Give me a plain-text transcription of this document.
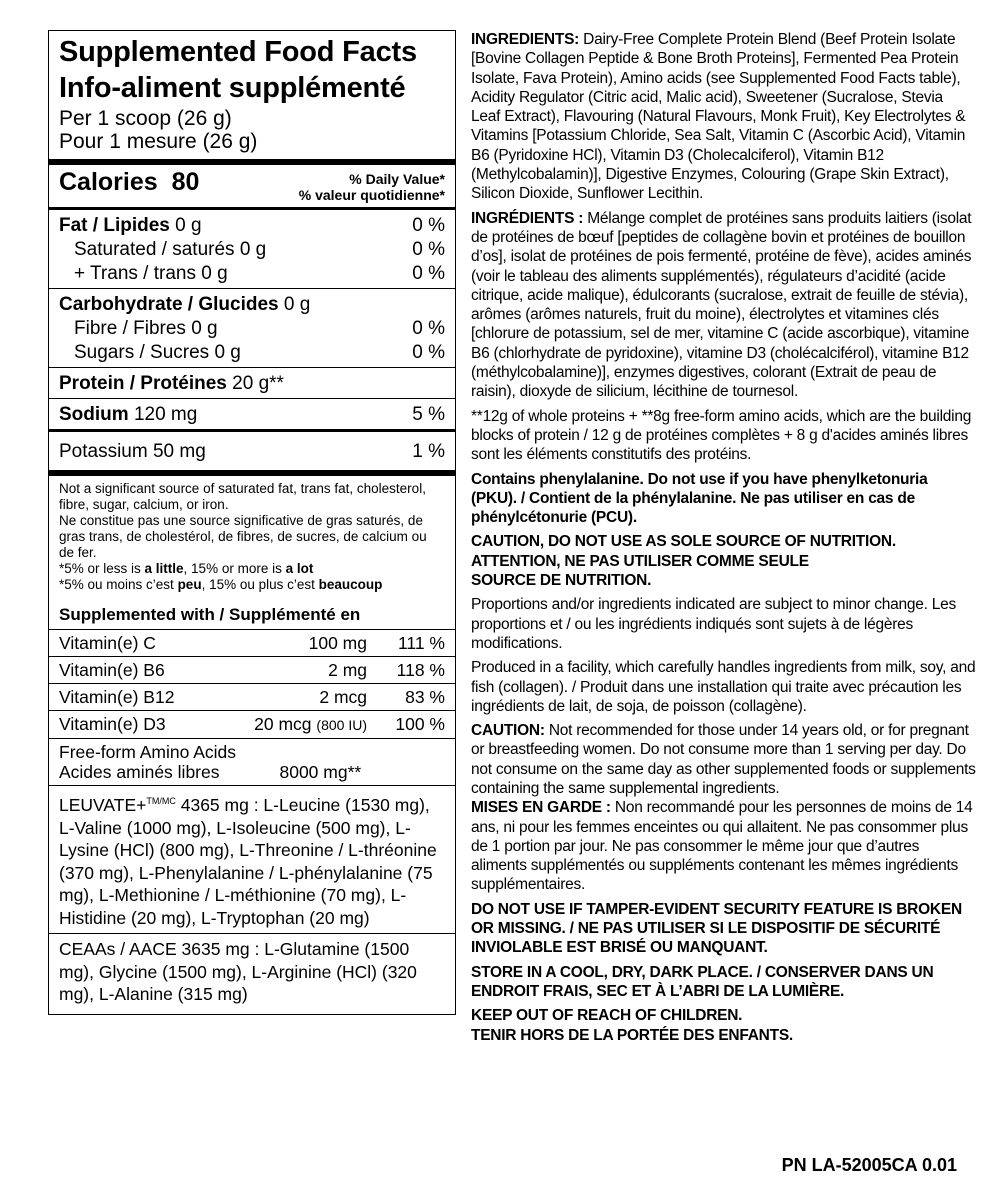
Supplemented Food Facts
Info-aliment supplémenté
Per 1 scoop (26 g)
Pour 1 mesure (26 g)
Calories 80	% Daily Value*
% valeur quotidienne*
Fat / Lipides 0 g	0 %
Saturated / saturés 0 g	0 %
+ Trans / trans 0 g	0 %
Carbohydrate / Glucides 0 g
Fibre / Fibres 0 g	0 %
Sugars / Sucres 0 g	0 %
Protein / Protéines 20 g**
Sodium 120 mg	5 %
Potassium 50 mg	1 %
Not a significant source of saturated fat, trans fat, cholesterol, fibre, sugar, calcium, or iron.
Ne constitue pas une source significative de gras saturés, de gras trans, de cholestérol, de fibres, de sucres, de calcium ou de fer.
*5% or less is a little, 15% or more is a lot
*5% ou moins c’est peu, 15% ou plus c’est beaucoup
Supplemented with / Supplémenté en
Vitamin(e) C	100 mg	111 %
Vitamin(e) B6	2 mg	118 %
Vitamin(e) B12	2 mcg	83 %
Vitamin(e) D3	20 mcg (800 IU)	100 %
Free-form Amino Acids
Acides aminés libres	8000 mg**
LEUVATE+$^{TM/MC}$ 4365 mg : L-Leucine (1530 mg), L-Valine (1000 mg), L-Isoleucine (500 mg), L-Lysine (HCl) (800 mg), L-Threonine / L-thréonine (370 mg), L-Phenylalanine / L-phénylalanine (75 mg), L-Methionine / L-méthionine (70 mg), L-Histidine (20 mg), L-Tryptophan (20 mg)
CEAAs / AACE 3635 mg : L-Glutamine (1500 mg), Glycine (1500 mg), L-Arginine (HCl) (320 mg), L-Alanine (315 mg)

INGREDIENTS: Dairy-Free Complete Protein Blend (Beef Protein Isolate [Bovine Collagen Peptide & Bone Broth Proteins], Fermented Pea Protein Isolate, Fava Protein), Amino acids (see Supplemented Food Facts table), Acidity Regulator (Citric acid, Malic acid), Sweetener (Sucralose, Stevia Leaf Extract), Flavouring (Natural Flavours, Monk Fruit), Key Electrolytes & Vitamins [Potassium Chloride, Sea Salt, Vitamin C (Ascorbic Acid), Vitamin B6 (Pyridoxine HCl), Vitamin D3 (Cholecalciferol), Vitamin B12 (Methylcobalamin)], Digestive Enzymes, Colouring (Grape Skin Extract), Silicon Dioxide, Sunflower Lecithin.

INGRÉDIENTS : Mélange complet de protéines sans produits laitiers (isolat de protéines de bœuf [peptides de collagène bovin et protéines de bouillon d’os], isolat de protéines de pois fermenté, protéine de fève), acides aminés (voir le tableau des aliments supplémentés), régulateurs d’acidité (acide citrique, acide malique), édulcorants (sucralose, extrait de feuille de stévia), arômes (arômes naturels, fruit du moine), électrolytes et vitamines clés [chlorure de potassium, sel de mer, vitamine C (acide ascorbique), vitamine B6 (chlorhydrate de pyridoxine), vitamine D3 (cholécalciférol), vitamine B12 (méthylcobalamine)], enzymes digestives, colorant (Extrait de peau de raisin), dioxyde de silicium, lécithine de tournesol.

**12g of whole proteins + **8g free-form amino acids, which are the building blocks of protein / 12 g de protéines complètes + 8 g d'acides aminés libres sont les éléments constitutifs des protéins.

Contains phenylalanine. Do not use if you have phenylketonuria (PKU). / Contient de la phénylalanine. Ne pas utiliser en cas de phénylcétonurie (PCU).

CAUTION, DO NOT USE AS SOLE SOURCE OF NUTRITION.
ATTENTION, NE PAS UTILISER COMME SEULE
SOURCE DE NUTRITION.

Proportions and/or ingredients indicated are subject to minor change. Les proportions et / ou les ingrédients indiqués sont sujets à de légères modifications.

Produced in a facility, which carefully handles ingredients from milk, soy, and fish (collagen). / Produit dans une installation qui traite avec précaution les ingrédients de lait, de soja, de poisson (collagène).

CAUTION: Not recommended for those under 14 years old, or for pregnant or breastfeeding women. Do not consume more than 1 serving per day. Do not consume on the same day as other supplemented foods or supplements containing the same supplemental ingredients.

MISES EN GARDE : Non recommandé pour les personnes de moins de 14 ans, ni pour les femmes enceintes ou qui allaitent. Ne pas consommer plus de 1 portion par jour. Ne pas consommer le même jour que d’autres aliments supplémentés ou suppléments contenant les mêmes ingrédients supplémentaires.

DO NOT USE IF TAMPER-EVIDENT SECURITY FEATURE IS BROKEN OR MISSING. / NE PAS UTILISER SI LE DISPOSITIF DE SÉCURITÉ INVIOLABLE EST BRISÉ OU MANQUANT.

STORE IN A COOL, DRY, DARK PLACE. / CONSERVER DANS UN ENDROIT FRAIS, SEC ET À L’ABRI DE LA LUMIÈRE.

KEEP OUT OF REACH OF CHILDREN.
TENIR HORS DE LA PORTÉE DES ENFANTS.

PN LA-52005CA 0.01
